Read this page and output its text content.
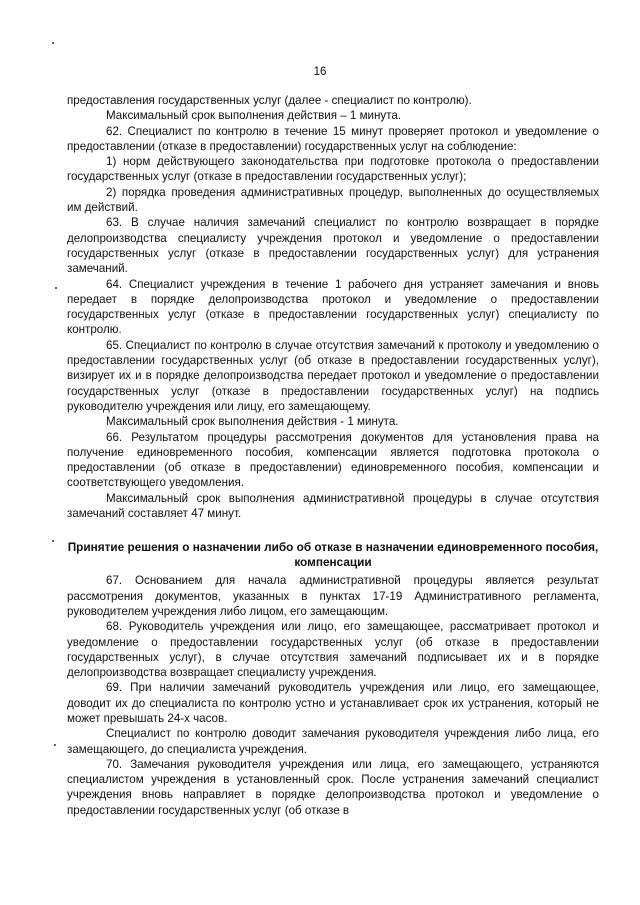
16

предоставления государственных услуг (далее - специалист по контролю).

Максимальный срок выполнения действия – 1 минута.

62. Специалист по контролю в течение 15 минут проверяет протокол и уведомление о предоставлении (отказе в предоставлении) государственных услуг на соблюдение:

1) норм действующего законодательства при подготовке протокола о предоставлении государственных услуг (отказе в предоставлении государственных услуг);

2) порядка проведения административных процедур, выполненных до осуществляемых им действий.

63. В случае наличия замечаний специалист по контролю возвращает в порядке делопроизводства специалисту учреждения протокол и уведомление о предоставлении государственных услуг (отказе в предоставлении государственных услуг) для устранения замечаний.

64. Специалист учреждения в течение 1 рабочего дня устраняет замечания и вновь передает в порядке делопроизводства протокол и уведомление о предоставлении государственных услуг (отказе в предоставлении государственных услуг) специалисту по контролю.

65. Специалист по контролю в случае отсутствия замечаний к протоколу и уведомлению о предоставлении государственных услуг (об отказе в предоставлении государственных услуг), визирует их и в порядке делопроизводства передает протокол и уведомление о предоставлении государственных услуг (отказе в предоставлении государственных услуг) на подпись руководителю учреждения или лицу, его замещающему.

Максимальный срок выполнения действия - 1 минута.

66. Результатом процедуры рассмотрения документов для установления права на получение единовременного пособия, компенсации является подготовка протокола о предоставлении (об отказе в предоставлении) единовременного пособия, компенсации и соответствующего уведомления.

Максимальный срок выполнения административной процедуры в случае отсутствия замечаний составляет 47 минут.

Принятие решения о назначении либо об отказе в назначении единовременного пособия, компенсации

67. Основанием для начала административной процедуры является результат рассмотрения документов, указанных в пунктах 17-19 Административного регламента, руководителем учреждения либо лицом, его замещающим.

68. Руководитель учреждения или лицо, его замещающее, рассматривает протокол и уведомление о предоставлении государственных услуг (об отказе в предоставлении государственных услуг), в случае отсутствия замечаний подписывает их и в порядке делопроизводства возвращает специалисту учреждения.

69. При наличии замечаний руководитель учреждения или лицо, его замещающее, доводит их до специалиста по контролю устно и устанавливает срок их устранения, который не может превышать 24-х часов.

Специалист по контролю доводит замечания руководителя учреждения либо лица, его замещающего, до специалиста учреждения.

70. Замечания руководителя учреждения или лица, его замещающего, устраняются специалистом учреждения в установленный срок. После устранения замечаний специалист учреждения вновь направляет в порядке делопроизводства протокол и уведомление о предоставлении государственных услуг (об отказе в
